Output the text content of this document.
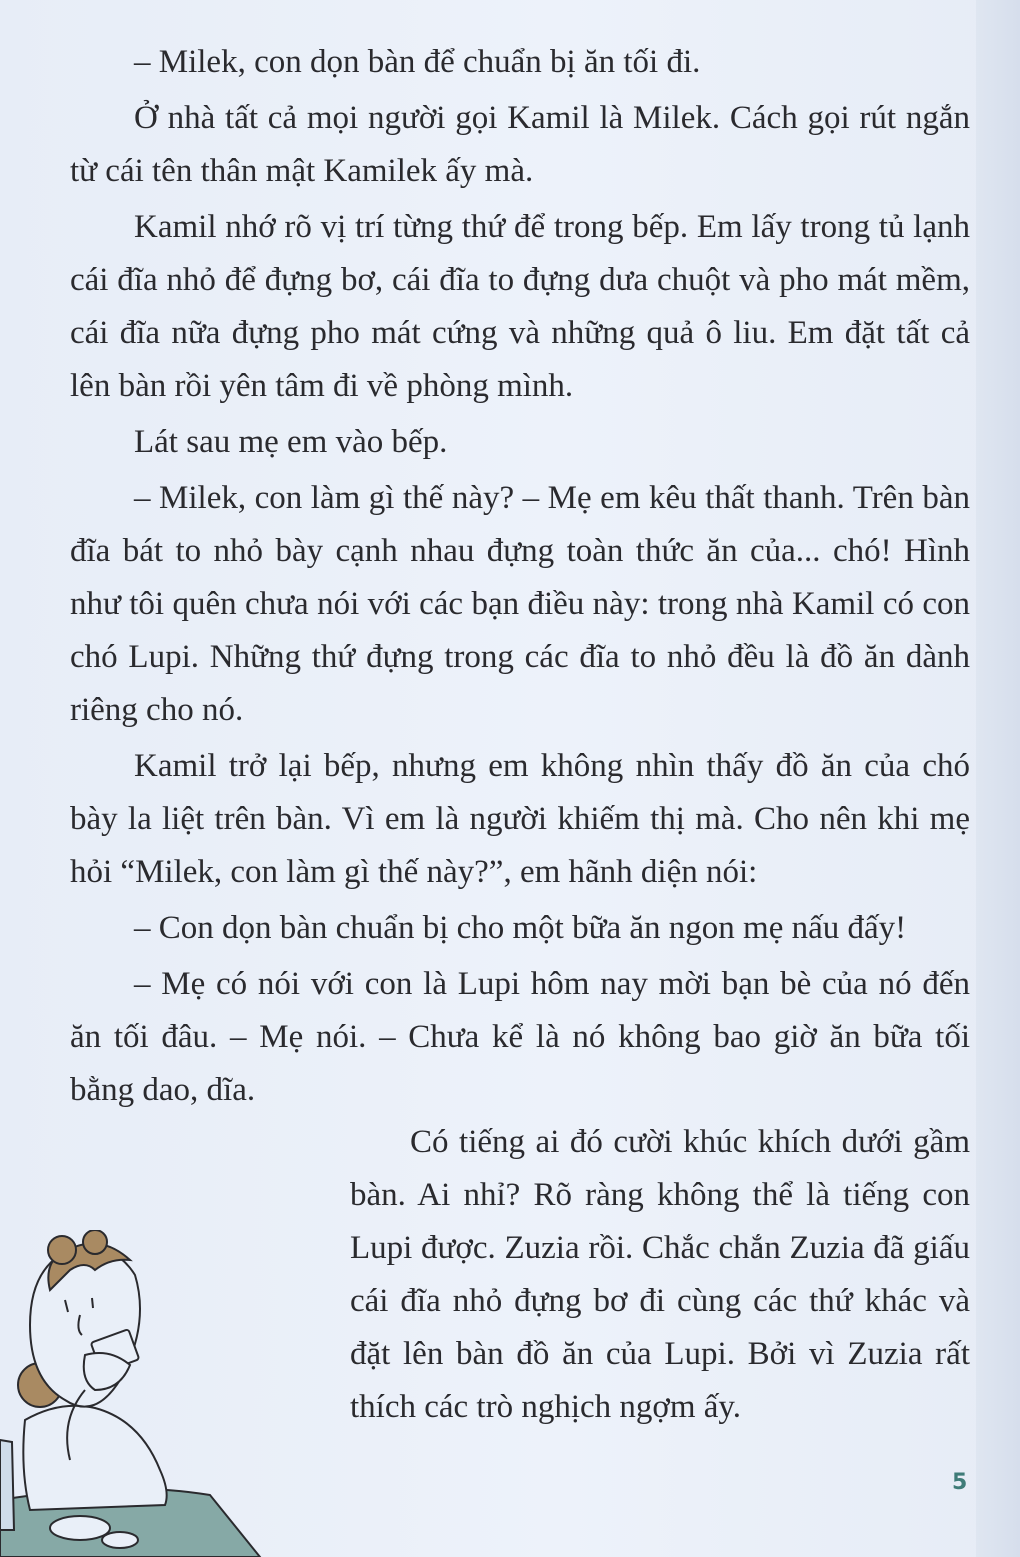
– Milek, con dọn bàn để chuẩn bị ăn tối đi.

Ở nhà tất cả mọi người gọi Kamil là Milek. Cách gọi rút ngắn từ cái tên thân mật Kamilek ấy mà.

Kamil nhớ rõ vị trí từng thứ để trong bếp. Em lấy trong tủ lạnh cái đĩa nhỏ để đựng bơ, cái đĩa to đựng dưa chuột và pho mát mềm, cái đĩa nữa đựng pho mát cứng và những quả ô liu. Em đặt tất cả lên bàn rồi yên tâm đi về phòng mình.

Lát sau mẹ em vào bếp.

– Milek, con làm gì thế này? – Mẹ em kêu thất thanh. Trên bàn đĩa bát to nhỏ bày cạnh nhau đựng toàn thức ăn của... chó! Hình như tôi quên chưa nói với các bạn điều này: trong nhà Kamil có con chó Lupi. Những thứ đựng trong các đĩa to nhỏ đều là đồ ăn dành riêng cho nó.

Kamil trở lại bếp, nhưng em không nhìn thấy đồ ăn của chó bày la liệt trên bàn. Vì em là người khiếm thị mà. Cho nên khi mẹ hỏi “Milek, con làm gì thế này?”, em hãnh diện nói:

– Con dọn bàn chuẩn bị cho một bữa ăn ngon mẹ nấu đấy!

– Mẹ có nói với con là Lupi hôm nay mời bạn bè của nó đến ăn tối đâu. – Mẹ nói. – Chưa kể là nó không bao giờ ăn bữa tối bằng dao, dĩa.

Có tiếng ai đó cười khúc khích dưới gầm bàn. Ai nhỉ? Rõ ràng không thể là tiếng con Lupi được. Zuzia rồi. Chắc chắn Zuzia đã giấu cái đĩa nhỏ đựng bơ đi cùng các thứ khác và đặt lên bàn đồ ăn của Lupi. Bởi vì Zuzia rất thích các trò nghịch ngợm ấy.

5
